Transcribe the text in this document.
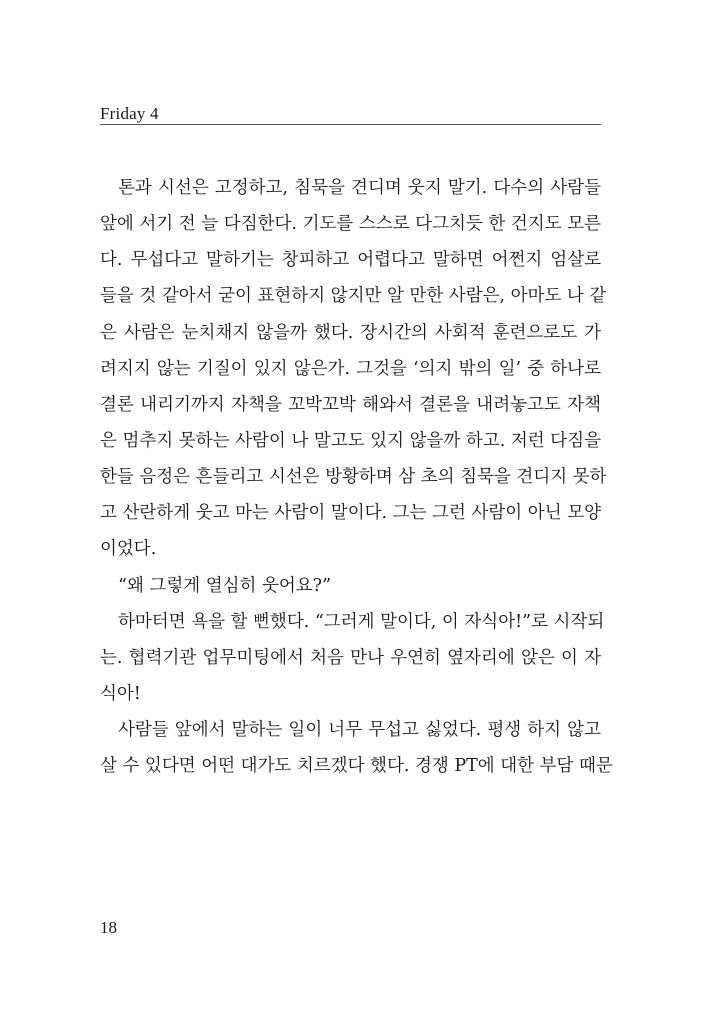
Friday 4
톤과 시선은 고정하고, 침묵을 견디며 웃지 말기. 다수의 사람들
앞에 서기 전 늘 다짐한다. 기도를 스스로 다그치듯 한 건지도 모른
다. 무섭다고 말하기는 창피하고 어렵다고 말하면 어쩐지 엄살로
들을 것 같아서 굳이 표현하지 않지만 알 만한 사람은, 아마도 나 같
은 사람은 눈치채지 않을까 했다. 장시간의 사회적 훈련으로도 가
려지지 않는 기질이 있지 않은가. 그것을 ‘의지 밖의 일’ 중 하나로
결론 내리기까지 자책을 꼬박꼬박 해와서 결론을 내려놓고도 자책
은 멈추지 못하는 사람이 나 말고도 있지 않을까 하고. 저런 다짐을
한들 음정은 흔들리고 시선은 방황하며 삼 초의 침묵을 견디지 못하
고 산란하게 웃고 마는 사람이 말이다. 그는 그런 사람이 아닌 모양
이었다.
“왜 그렇게 열심히 웃어요?”
하마터면 욕을 할 뻔했다. “그러게 말이다, 이 자식아!”로 시작되
는. 협력기관 업무미팅에서 처음 만나 우연히 옆자리에 앉은 이 자
식아!
사람들 앞에서 말하는 일이 너무 무섭고 싫었다. 평생 하지 않고
살 수 있다면 어떤 대가도 치르겠다 했다. 경쟁 PT에 대한 부담 때문
18
